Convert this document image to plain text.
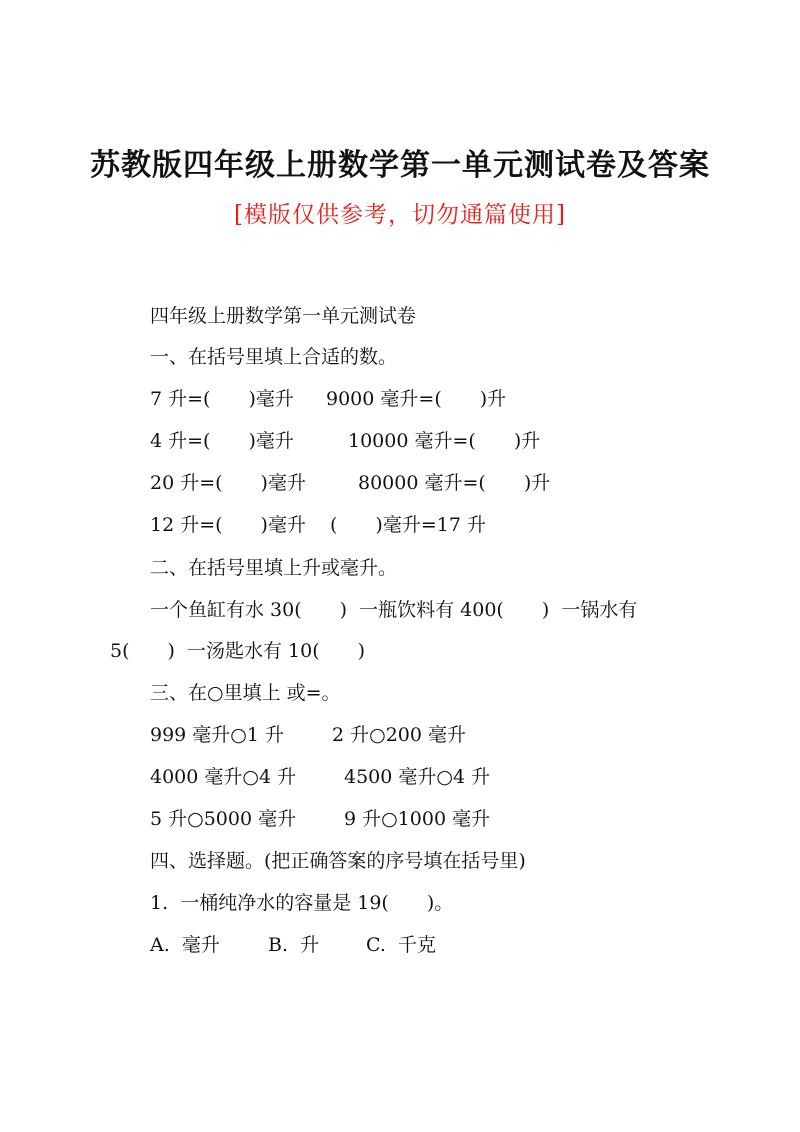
苏教版四年级上册数学第一单元测试卷及答案
[模版仅供参考，切勿通篇使用]
四年级上册数学第一单元测试卷
一、在括号里填上合适的数。
7 升=(　　)毫升 9000 毫升=(　　)升
4 升=(　　)毫升	10000 毫升=(　　)升
20 升=(　　)毫升	80000 毫升=(　　)升
12 升=(　　)毫升 (　　)毫升=17 升
二、在括号里填上升或毫升。
一个鱼缸有水 30(　　)  一瓶饮料有 400(　　)  一锅水有
5(　　)  一汤匙水有 10(　　)
三、在○里填上 或=。
999 毫升○1 升	2 升○200 毫升
4000 毫升○4 升	4500 毫升○4 升
5 升○5000 毫升	9 升○1000 毫升
四、选择题。(把正确答案的序号填在括号里)
1.  一桶纯净水的容量是 19(　　)。
A.  毫升	B.  升 C.  千克
